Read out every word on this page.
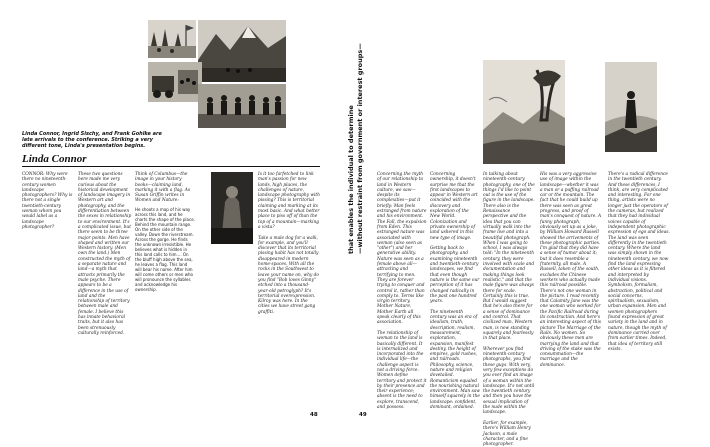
Linda Connor, Ingrid Sischy, and Frank Gohlke are late arrivals to the conference. Striking a very different tone, Linda's presentation begins.
Linda Connor

CONNOR: Why were there no nineteenth-century women landscape photographers? Why is there not a single twentieth-century woman whom you would label as a landscape photographer?

These two questions here made me very curious about the historical development of landscape imagery in Western art and photography, and the differentiation between the sexes in relationship to our environment. It's a complicated issue, but there seem to be three major points. Men have shaped and written our Western history. (Men own the land.) Men constructed the myth of a separate nature and land—a myth that attracts primarily the male psyche. There appears to be a difference in the use of land and the relationship of territory between male and female. I believe this has innate behavioral traits, but it also has been strenuously culturally reinforced.

Think of Columbus—the image in your history books—claiming land, marking it with a flag. As Susan Griffin writes in Women and Nature:

He shoots a map of his way across this land, and he charts the shape of the place. Behind the mountain range. On the other side of the valley. Down the riverstream. Across the gorge. He finds the unknown irresistible. He believes what is hidden in this land calls to him.... On the bluff high above the sea, he leaves a flag. This land will bear his name. After him will come others or men who will pronounce the syllables and acknowledge his ownership.

Is it too farfetched to link man's passion for new lands, high places, the challenges of nature, landscape photography with pissing? This is territorial claiming and marking at its most basic. And what better place to piss off of than the top of a mountain—marking a vista?

Take a male dog for a walk, for example, and you'll discover that its territorial pissing habit has not totally disappeared in modern home-spaces. With all the rocks in the Southwest to leave your name on, why do you find "Bob loves Ginny" etched into a thousand-year-old petroglyph? It's territorial overexpression. Kilroy was here. In the cities we have street gang graffiti.

48
that enables the individual to determine —without restraint from government or interest groups—	Concerning the myth of our relationship to land in Western culture, we saw—despite its complexities—put it briefly: Man feels estranged from nature and his environment. The Fall, the expulsion from Eden. This estranged nature was associated with woman (also seen as "other") and her generative ability. Nature was seen as a female above all—attracting and terrifying to men. They are forever trying to conquer and control it, rather than comply to. Terms like virgin territory, Mother Nature, Mother Earth all speak clearly of this association.

The relationship of woman to the land is basically different. It is internalized and incorporated into the individual life—the challenge aspect is not a driving force. Women define territory and protect it by their presence and their experience; absent is the need to explore, transcend, and possess.

Concerning ownership, it doesn't surprise me that the first landscapes to appear in Western art coincided with the discovery and exploration of the New World. Colonization and private ownership of land ushered in this new type of image.

Getting back to photography, and examining nineteenth and twentieth-century landscapes, we find that even though nature is the same our perception of it has changed radically in the past one hundred years.

The nineteenth century was an era of idealism, truth, description, realism, measurement, exploration, expansion, manifest destiny, the height of empires, gold rushes, and railroads. Philosophy, science, nature and religion dovetailed. Romanticism equaled the nourishing natural environment. Man saw himself squarely in the landscape: confident, dominant, ordained.

In talking about nineteenth-century photography, one of the things I'd like to point out is the use of the figure in the landscape. There also is the Renaissance perspective and the idea that you can virtually walk into the frame live and into a beautiful photograph. When I was going to school, I was always told: "In the nineteenth century, they were involved with scale and documentation and making things look realistic," and that the male figure was always there for scale. Certainly this is true. But I would suggest that he's also there for a sense of dominance and control. That civilized man, Western man, is now standing squarely and fearlessly in that place.

Wherever you find nineteenth-century photographs, you find these guys. With very, very few exceptions do you ever find an image of a woman within the landscape. It's not until the twentieth century and then you have the sexual implication of the nude within the landscape.

Earlier, for example, there's William Henry Jackson, a male character, and a fine photographer.

His was a very aggressive use of image within the landscape—whether it was a man or a puffing railroad car or the mountain. The fact that he could build up there was seen as great progress, and proof of man's conquest of nature. A funny photograph, obviously set up as a joke, by William Howard Russell showed the arrivements of these photographic parties. I'm glad that they did have a sense of humor about it; but it does resemble a fraternity, all male. A Russell, taken of the south, excludes the Chinese workers who actually made this railroad possible. There's not one woman in the picture. I read recently that Calamity Jane was the one woman who worked for the Pacific Railroad during its construction. And here's an interesting aspect of this picture The Marriage of the Rails. No women. So obviously these men are marrying the land and that driving of the stake was the consummation—the marriage and the dominance.

There's a radical difference in the twentieth century. And these differences, I think, are very complicated and interesting. For one thing, artists were no longer just the operators of the cameras, but realized that they had individual voices capable of independent photographic expression of ego and ideas. The land was seen differently in the twentieth century. Where the land was simply shown in the nineteenth century, we now find the land expressing other ideas as it is filtered and interpreted by individual visions. Symbolism, formalism, abstraction, political and social concerns, spiritualism, sexualism, urban expansion. Men and women photographers found expression of great variety in the land and in nature, though the myth of dominance carried over from earlier times. Indeed, that idea of territory still exists.

49
